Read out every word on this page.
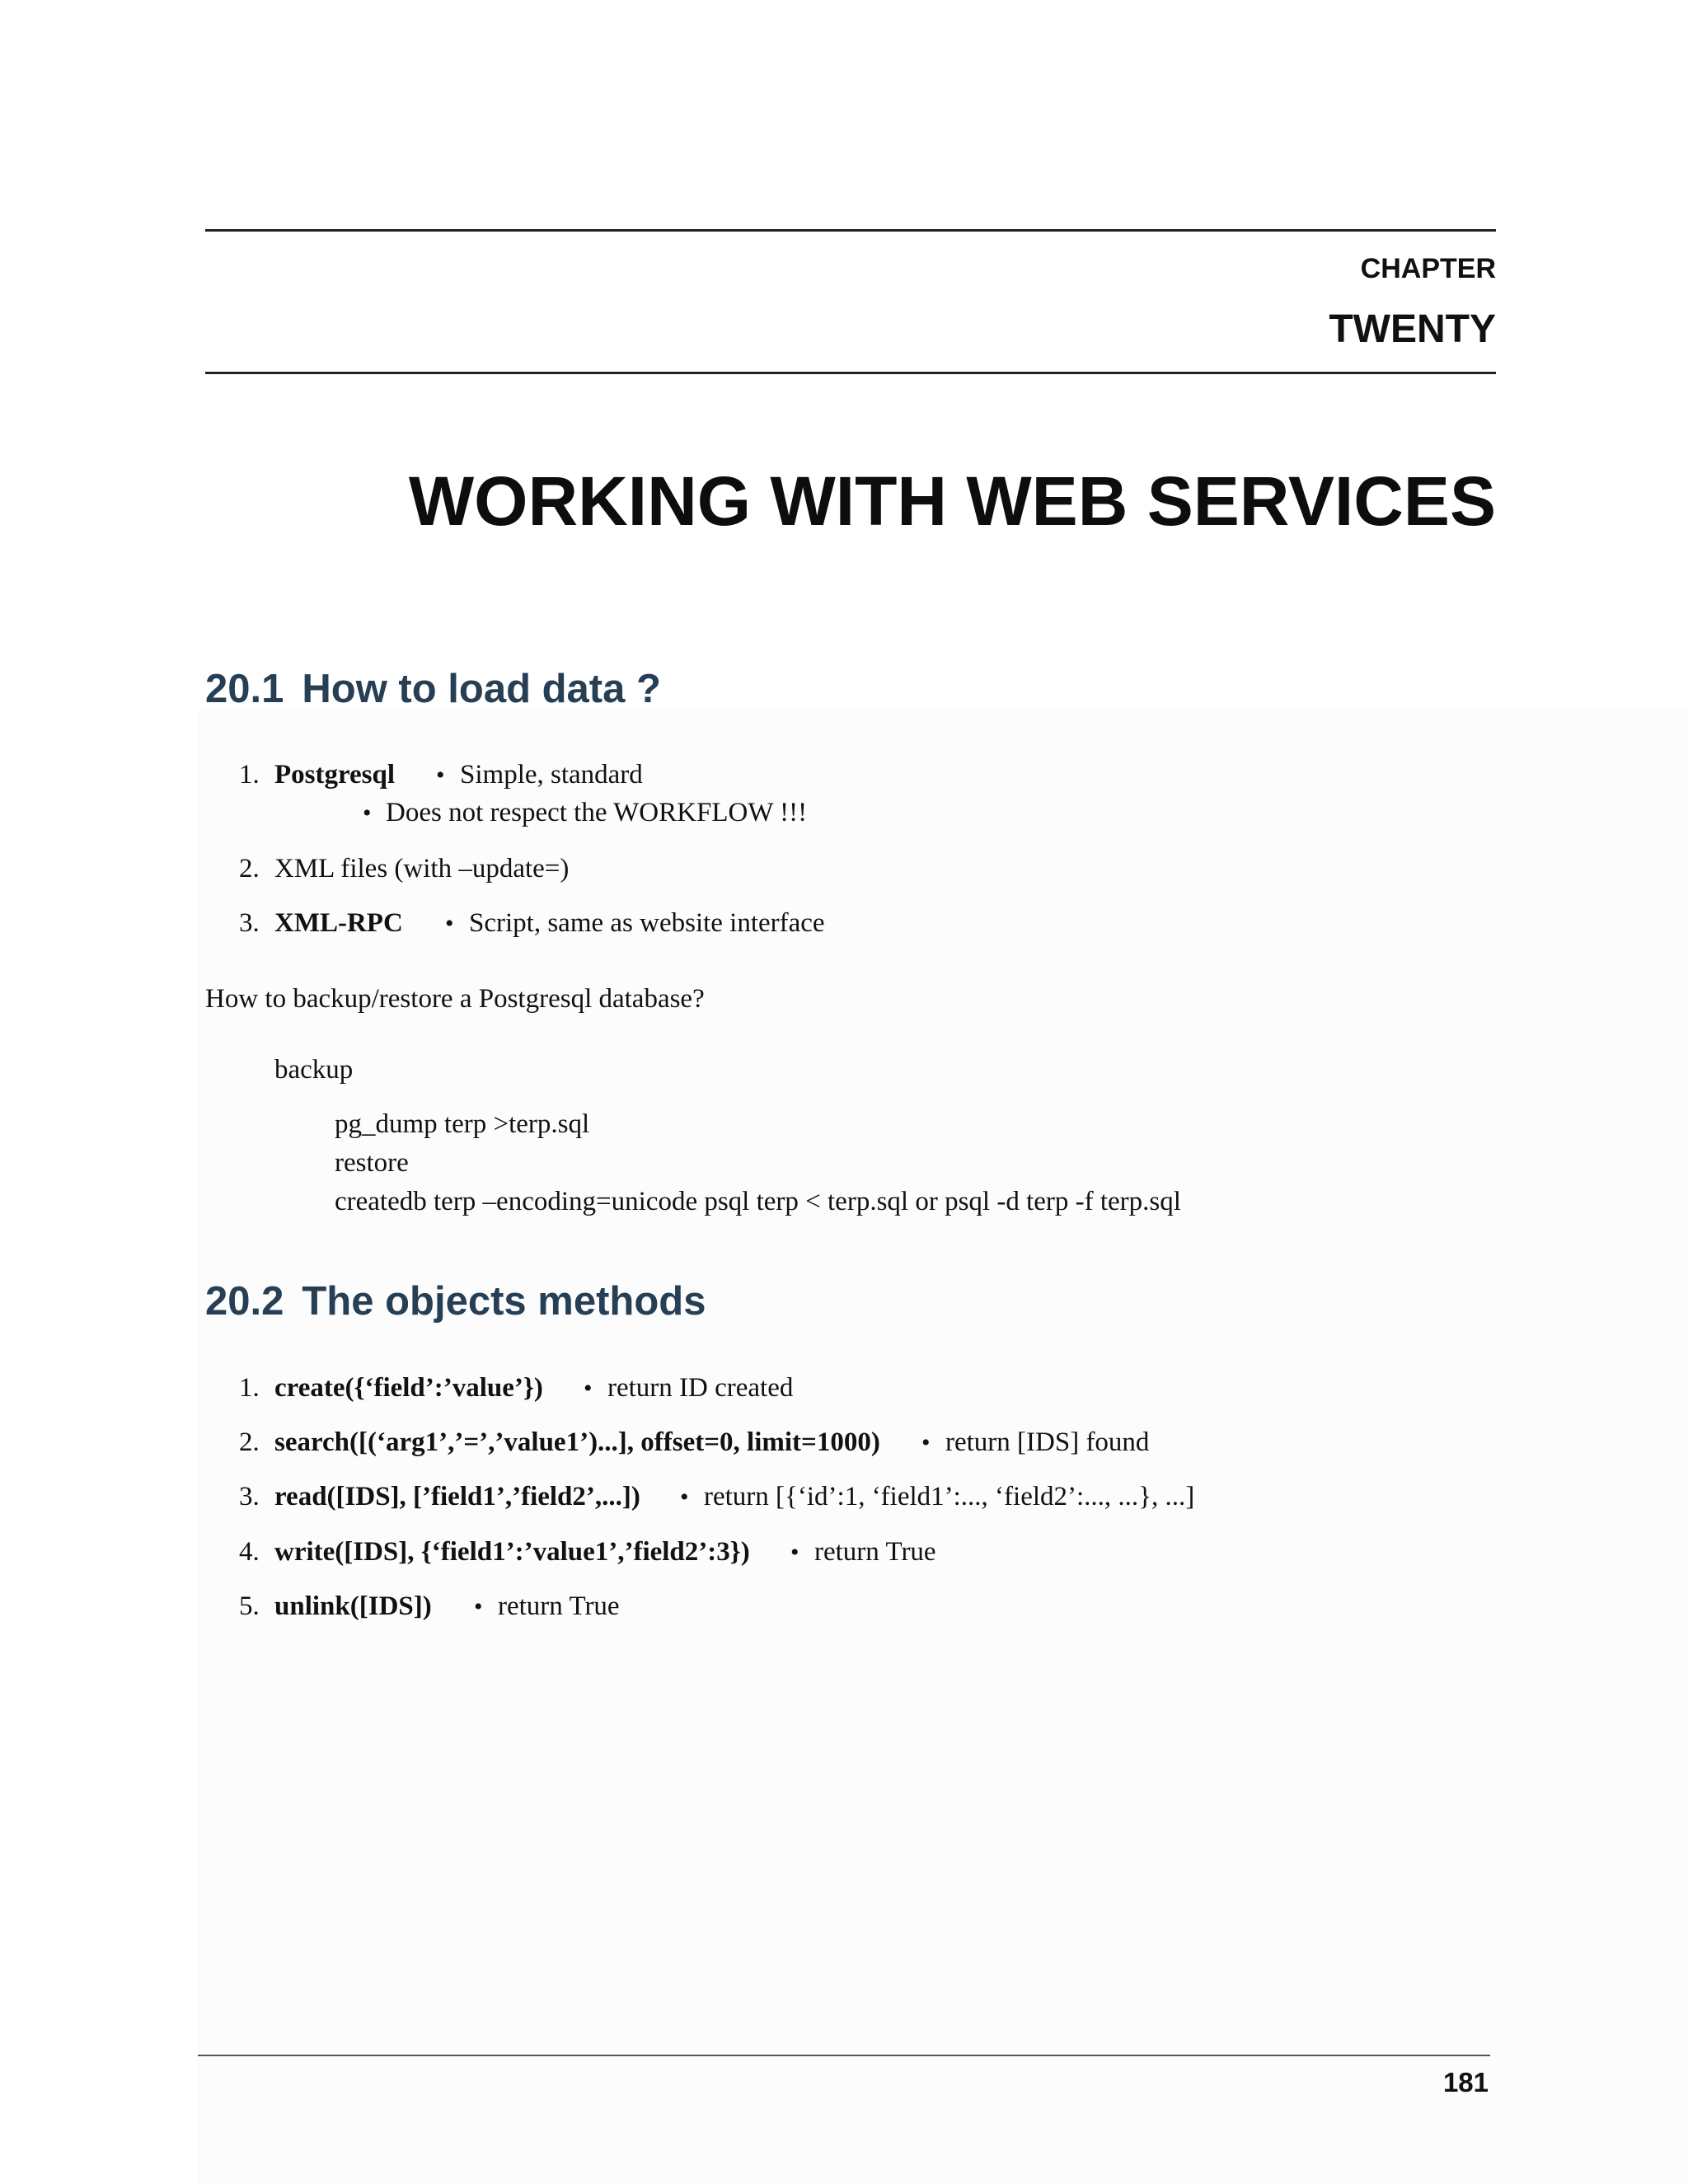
CHAPTER
TWENTY
WORKING WITH WEB SERVICES
20.1 How to load data ?
1. Postgresql • Simple, standard
• Does not respect the WORKFLOW !!!
2. XML files (with –update=)
3. XML-RPC • Script, same as website interface
How to backup/restore a Postgresql database?
backup
pg_dump terp >terp.sql
restore
createdb terp –encoding=unicode psql terp < terp.sql or psql -d terp -f terp.sql
20.2 The objects methods
1. create({‘field’:’value’}) • return ID created
2. search([(‘arg1’,’=’,’value1’)...], offset=0, limit=1000) • return [IDS] found
3. read([IDS], [’field1’,’field2’,...]) • return [{‘id’:1, ‘field1’:..., ‘field2’:..., ...}, ...]
4. write([IDS], {‘field1’:’value1’,’field2’:3}) • return True
5. unlink([IDS]) • return True
181
